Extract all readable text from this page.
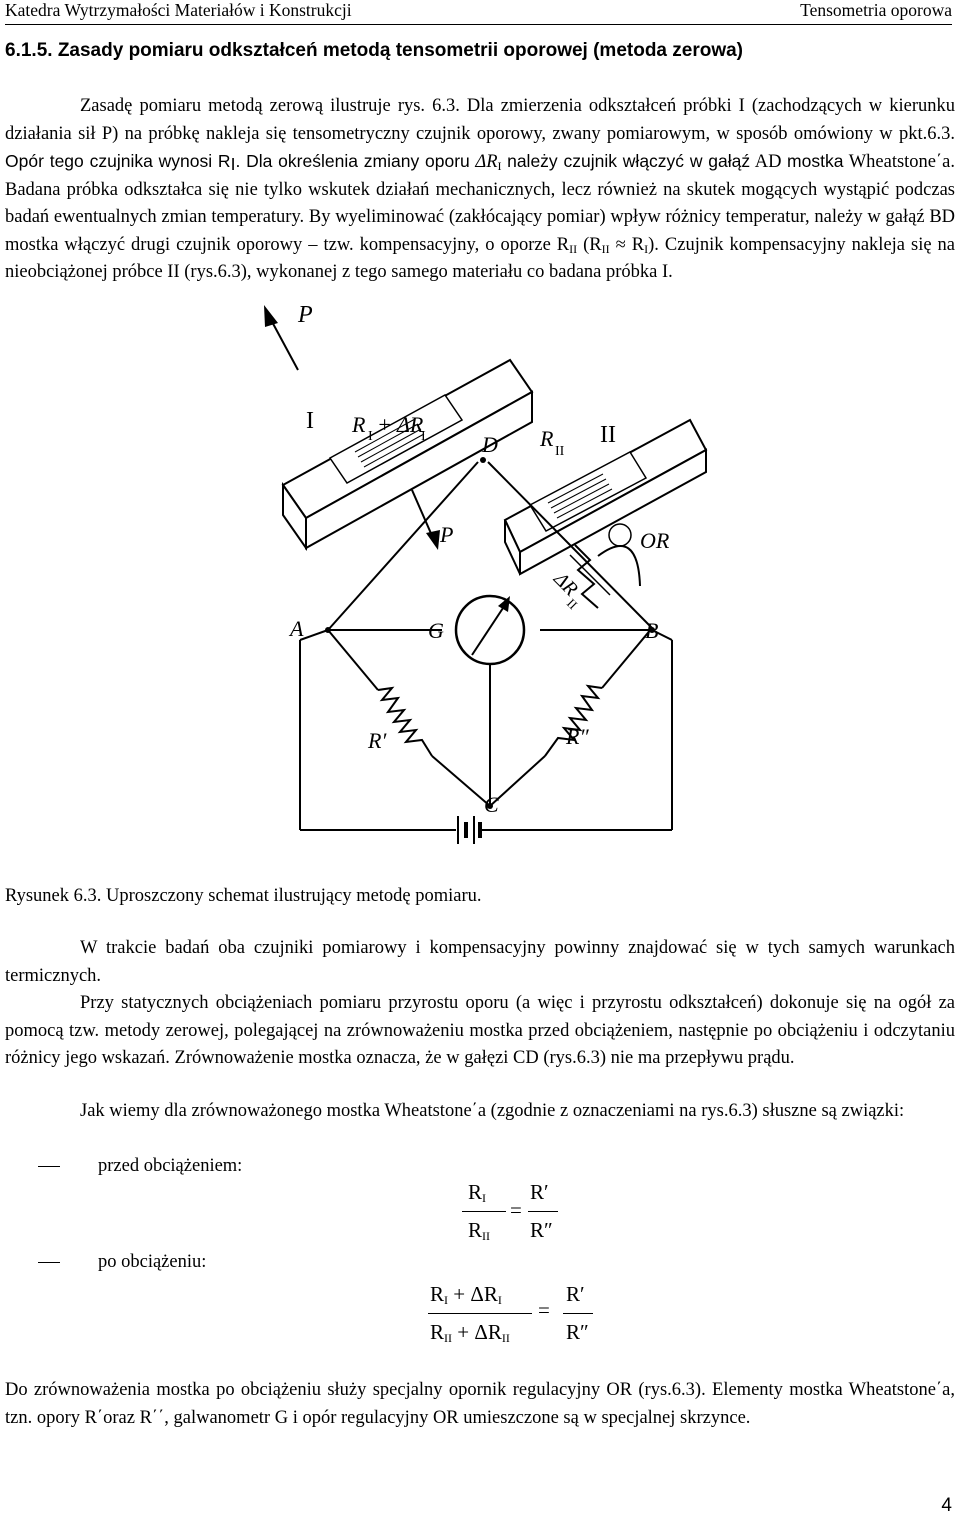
Katedra Wytrzymałości Materiałów i Konstrukcji	Tensometria oporowa
6.1.5. Zasady pomiaru odkształceń metodą tensometrii oporowej (metoda zerowa)

Zasadę pomiaru metodą zerową ilustruje rys. 6.3. Dla zmierzenia odkształceń próbki I (zachodzących w kierunku działania sił P) na próbkę nakleja się tensometryczny czujnik oporowy, zwany pomiarowym, w sposób omówiony w pkt.6.3. Opór tego czujnika wynosi $R_I$. Dla określenia zmiany oporu $\Delta R_I$ należy czujnik włączyć w gałąź AD mostka Wheatstone΄a. Badana próbka odkształca się nie tylko wskutek działań mechanicznych, lecz również na skutek mogących wystąpić podczas badań ewentualnych zmian temperatury. By wyeliminować (zakłócający pomiar) wpływ różnicy temperatur, należy w gałąź BD mostka włączyć drugi czujnik oporowy – tzw. kompensacyjny, o oporze $R_{II}$ $(R_{II} \approx R_I)$. Czujnik kompensacyjny nakleja się na nieobciążonej próbce II (rys.6.3), wykonanej z tego samego materiału co badana próbka I.

P
I R I + ΔR
I	D R
II
II
P	OR
ΔR
II
A	G	B
R′	R″
C
Rysunek 6.3. Uproszczony schemat ilustrujący metodę pomiaru.

W trakcie badań oba czujniki pomiarowy i kompensacyjny powinny znajdować się w tych samych warunkach termicznych.

Przy statycznych obciążeniach pomiaru przyrostu oporu (a więc i przyrostu odkształceń) dokonuje się na ogół za pomocą tzw. metody zerowej, polegającej na zrównoważeniu mostka przed obciążeniem, następnie po obciążeniu i odczytaniu różnicy jego wskazań. Zrównoważenie mostka oznacza, że w gałęzi CD (rys.6.3) nie ma przepływu prądu.

Jak wiemy dla zrównoważonego mostka Wheatstone΄a (zgodnie z oznaczeniami na rys.6.3) słuszne są związki:

przed obciążeniem:
$R_I$
$R_{II}$
=
R′
R″
po obciążeniu:
$R_I + \Delta R_I$
$R_{II} + \Delta R_{II}$
=
R′
R″

Do zrównoważenia mostka po obciążeniu służy specjalny opornik regulacyjny OR (rys.6.3). Elementy mostka Wheatstone΄a, tzn. opory R΄oraz R΄΄, galwanometr G i opór regulacyjny OR umieszczone są w specjalnej skrzynce.

4
